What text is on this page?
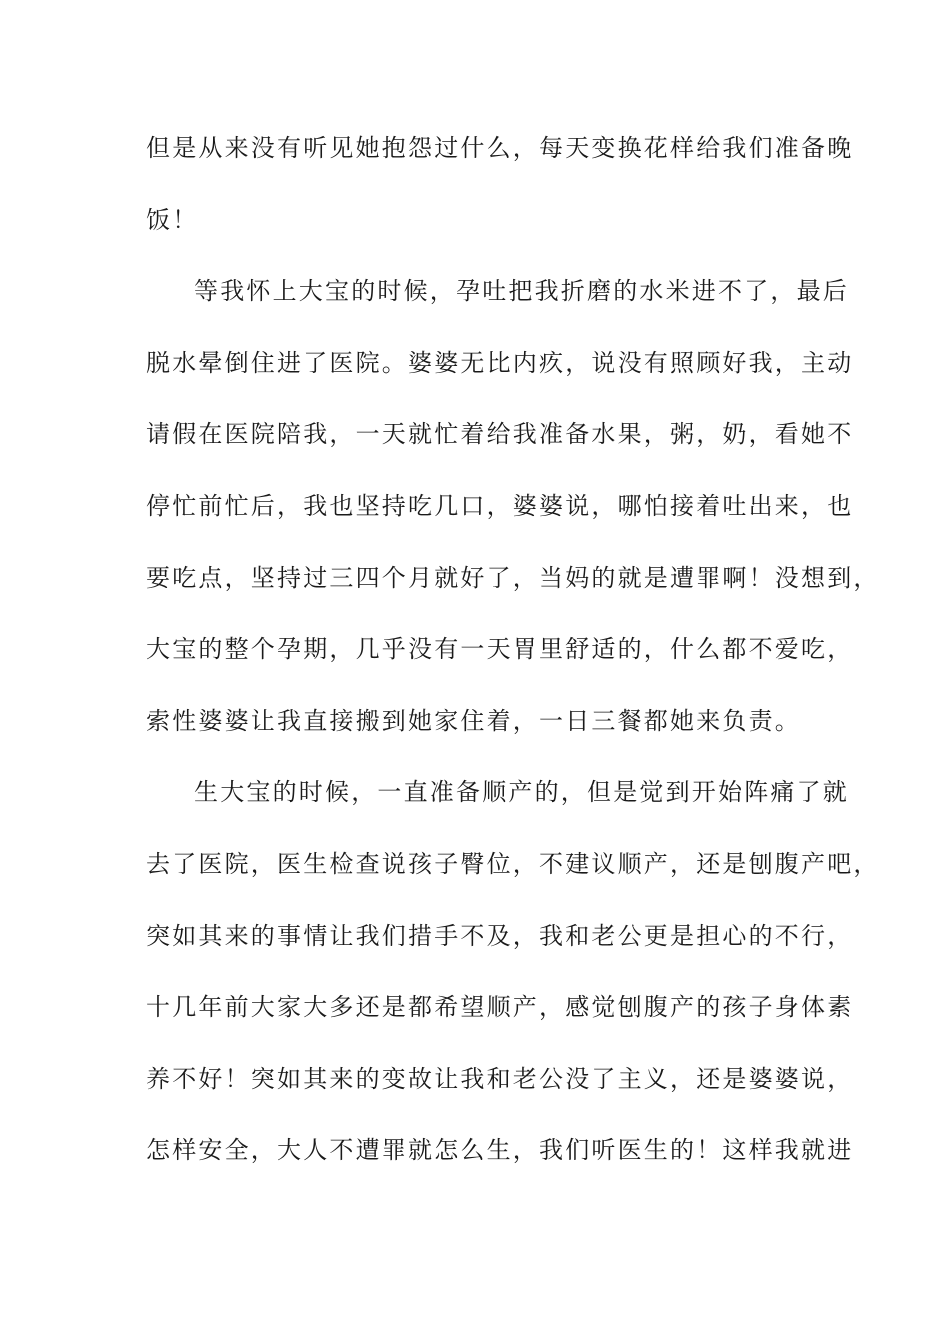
但是从来没有听见她抱怨过什么，每天变换花样给我们准备晚
饭！
等我怀上大宝的时候，孕吐把我折磨的水米进不了，最后
脱水晕倒住进了医院。婆婆无比内疚，说没有照顾好我，主动
请假在医院陪我，一天就忙着给我准备水果，粥，奶，看她不
停忙前忙后，我也坚持吃几口，婆婆说，哪怕接着吐出来，也
要吃点，坚持过三四个月就好了，当妈的就是遭罪啊！没想到，
大宝的整个孕期，几乎没有一天胃里舒适的，什么都不爱吃，
索性婆婆让我直接搬到她家住着，一日三餐都她来负责。
生大宝的时候，一直准备顺产的，但是觉到开始阵痛了就
去了医院，医生检查说孩子臀位，不建议顺产，还是刨腹产吧，
突如其来的事情让我们措手不及，我和老公更是担心的不行，
十几年前大家大多还是都希望顺产，感觉刨腹产的孩子身体素
养不好！突如其来的变故让我和老公没了主义，还是婆婆说，
怎样安全，大人不遭罪就怎么生，我们听医生的！这样我就进
